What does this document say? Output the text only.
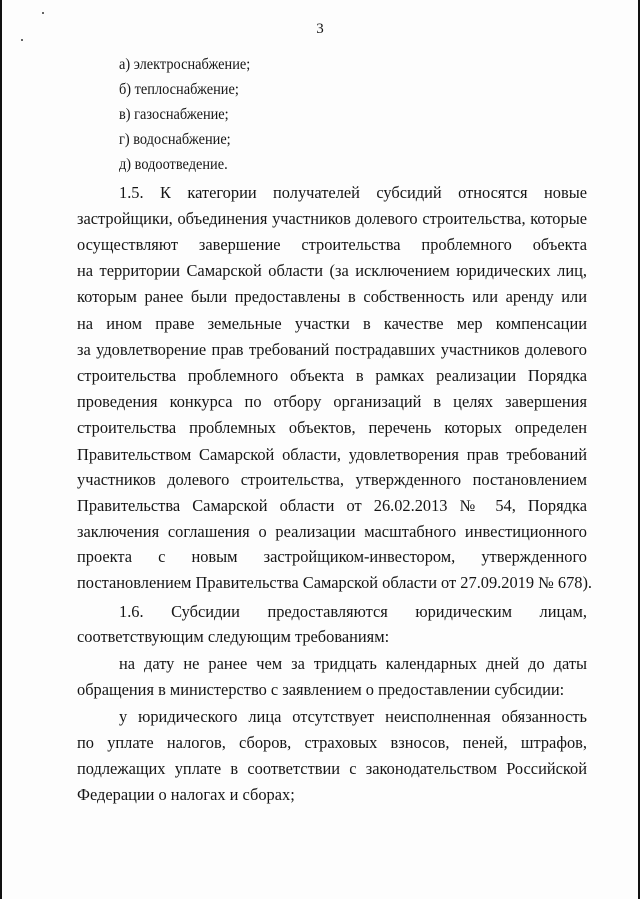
3
а) электроснабжение;
б) теплоснабжение;
в) газоснабжение;
г) водоснабжение;
д) водоотведение.
1.5. К категории получателей субсидий относятся новые
застройщики, объединения участников долевого строительства, которые
осуществляют завершение строительства проблемного объекта
на территории Самарской области (за исключением юридических лиц,
которым ранее были предоставлены в собственность или аренду или
на ином праве земельные участки в качестве мер компенсации
за удовлетворение прав требований пострадавших участников долевого
строительства проблемного объекта в рамках реализации Порядка
проведения конкурса по отбору организаций в целях завершения
строительства проблемных объектов, перечень которых определен
Правительством Самарской области, удовлетворения прав требований
участников долевого строительства, утвержденного постановлением
Правительства Самарской области от 26.02.2013 № 54, Порядка
заключения соглашения о реализации масштабного инвестиционного
проекта с новым застройщиком-инвестором, утвержденного
постановлением Правительства Самарской области от 27.09.2019 № 678).
1.6. Субсидии предоставляются юридическим лицам,
соответствующим следующим требованиям:
на дату не ранее чем за тридцать календарных дней до даты
обращения в министерство с заявлением о предоставлении субсидии:
у юридического лица отсутствует неисполненная обязанность
по уплате налогов, сборов, страховых взносов, пеней, штрафов,
подлежащих уплате в соответствии с законодательством Российской
Федерации о налогах и сборах;
